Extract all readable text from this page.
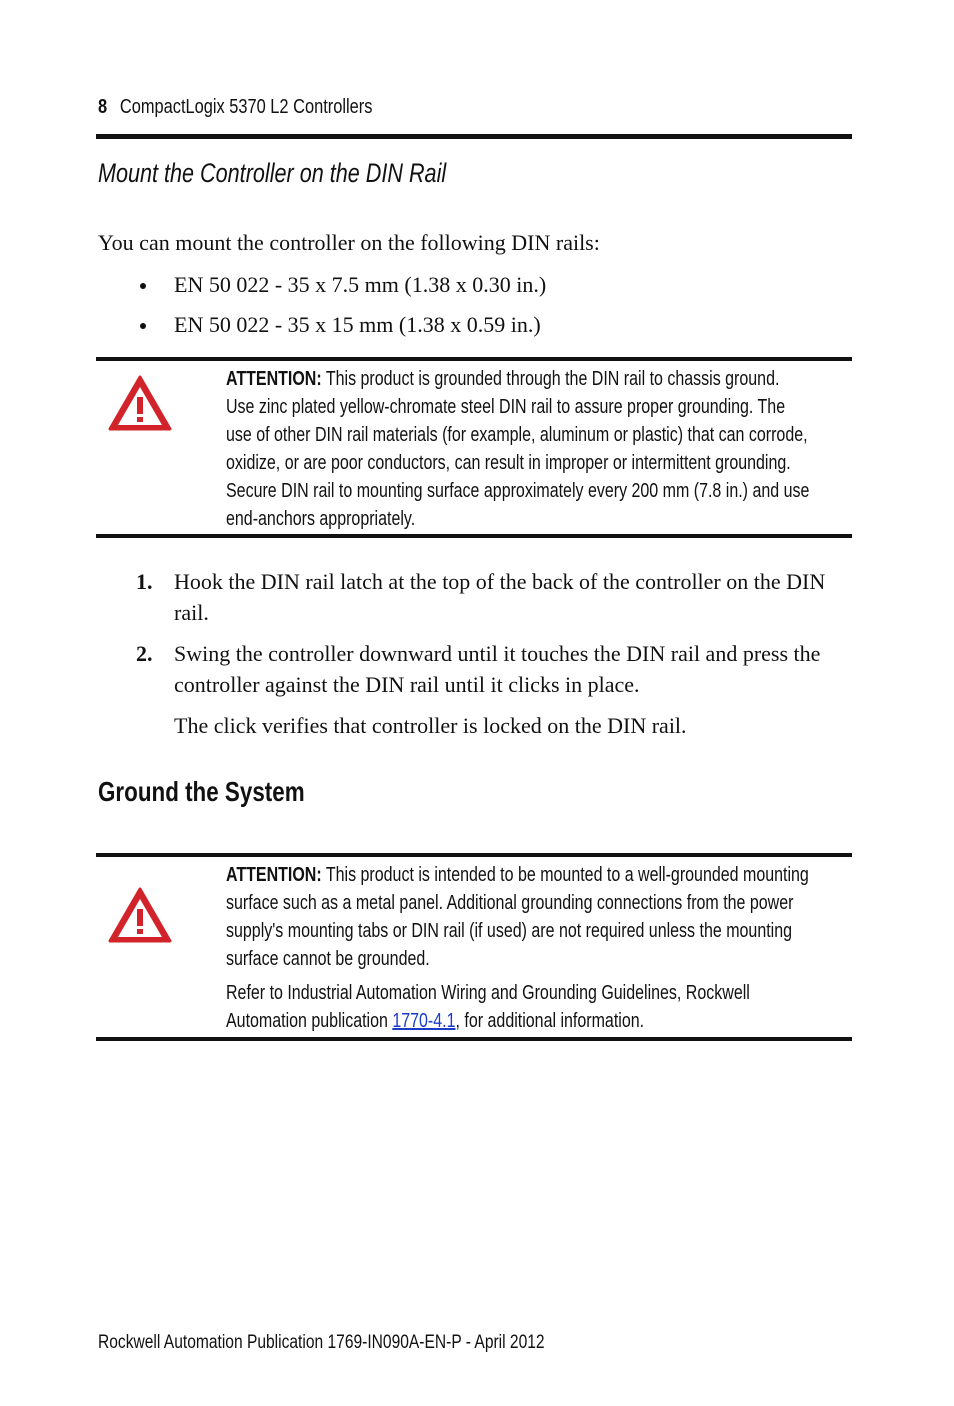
8 CompactLogix 5370 L2 Controllers
Mount the Controller on the DIN Rail
You can mount the controller on the following DIN rails:
EN 50 022 - 35 x 7.5 mm (1.38 x 0.30 in.)
EN 50 022 - 35 x 15 mm (1.38 x 0.59 in.)

ATTENTION: This product is grounded through the DIN rail to chassis ground. Use zinc plated yellow-chromate steel DIN rail to assure proper grounding. The use of other DIN rail materials (for example, aluminum or plastic) that can corrode, oxidize, or are poor conductors, can result in improper or intermittent grounding. Secure DIN rail to mounting surface approximately every 200 mm (7.8 in.) and use end-anchors appropriately.

1. Hook the DIN rail latch at the top of the back of the controller on the DIN rail.
2. Swing the controller downward until it touches the DIN rail and press the controller against the DIN rail until it clicks in place.
The click verifies that controller is locked on the DIN rail.
Ground the System

ATTENTION: This product is intended to be mounted to a well-grounded mounting surface such as a metal panel. Additional grounding connections from the power supply's mounting tabs or DIN rail (if used) are not required unless the mounting surface cannot be grounded.

Refer to Industrial Automation Wiring and Grounding Guidelines, Rockwell Automation publication 1770-4.1, for additional information.

Rockwell Automation Publication 1769-IN090A-EN-P - April 2012
